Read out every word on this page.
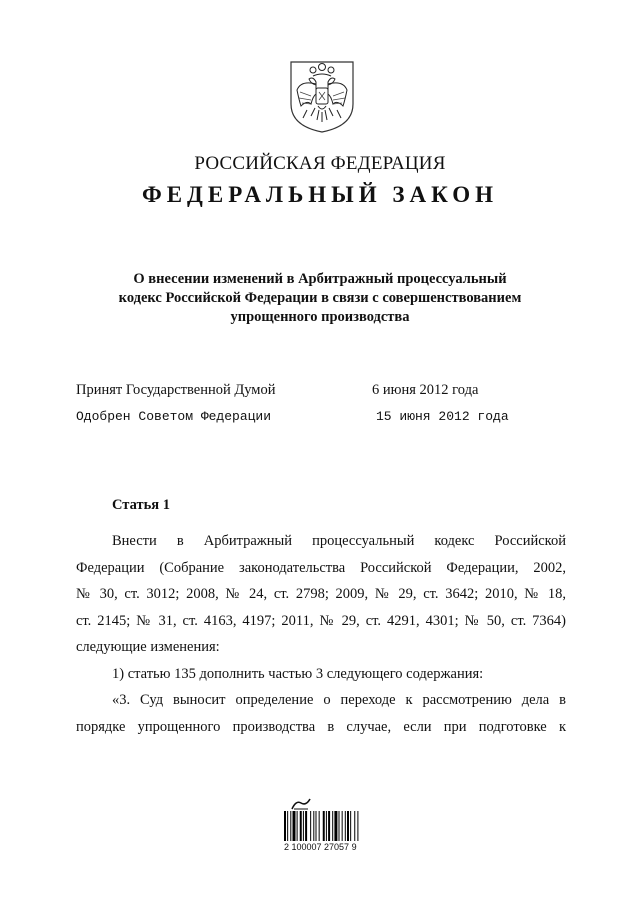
РОССИЙСКАЯ ФЕДЕРАЦИЯ
ФЕДЕРАЛЬНЫЙ ЗАКОН
О внесении изменений в Арбитражный процессуальный
кодекс Российской Федерации в связи с совершенствованием
упрощенного производства
Принят Государственной Думой	6 июня 2012 года
Одобрен Советом Федерации	15 июня 2012 года
Статья 1
Внести в Арбитражный процессуальный кодекс Российской
Федерации (Собрание законодательства Российской Федерации, 2002,
№ 30, ст. 3012; 2008, № 24, ст. 2798; 2009, № 29, ст. 3642; 2010, № 18,
ст. 2145; № 31, ст. 4163, 4197; 2011, № 29, ст. 4291, 4301; № 50, ст. 7364)
следующие изменения:
1) статью 135 дополнить частью 3 следующего содержания:
«3. Суд выносит определение о переходе к рассмотрению дела в
порядке упрощенного производства в случае, если при подготовке к
2 100007 27057 9
